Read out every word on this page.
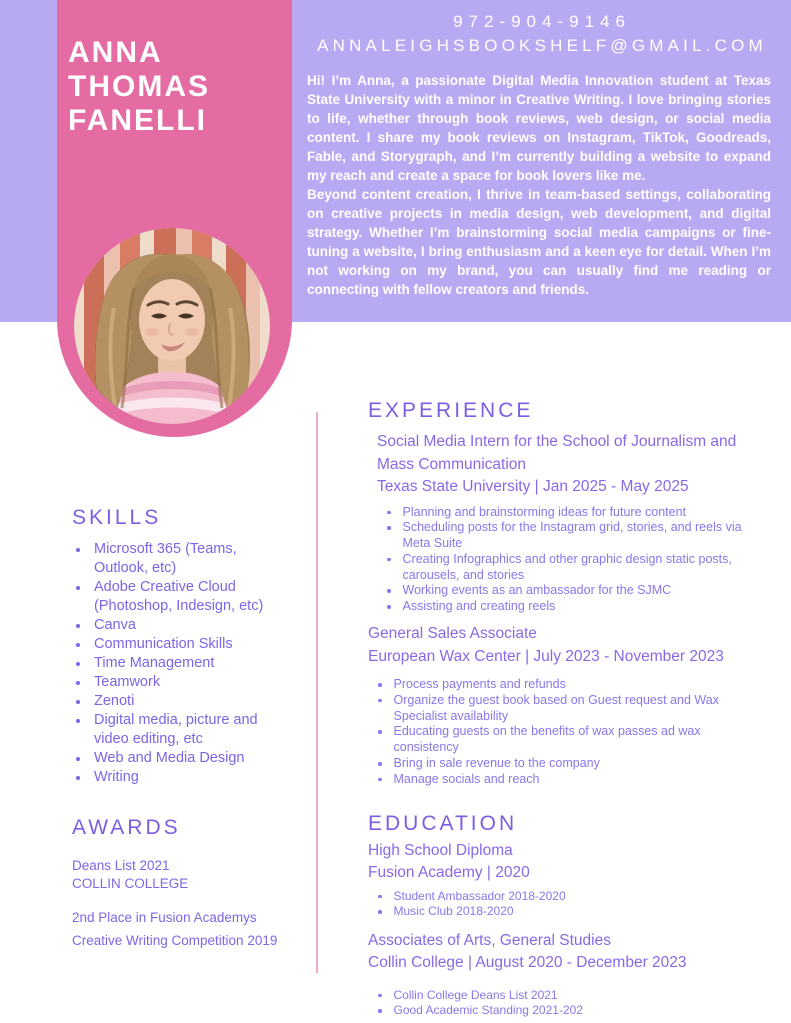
ANNA
THOMAS
FANELLI
972-904-9146
ANNALEIGHSBOOKSHELF@GMAIL.COM

Hi! I’m Anna, a passionate Digital Media Innovation student at Texas State University with a minor in Creative Writing. I love bringing stories to life, whether through book reviews, web design, or social media content. I share my book reviews on Instagram, TikTok, Goodreads, Fable, and Storygraph, and I’m currently building a website to expand my reach and create a space for book lovers like me.

Beyond content creation, I thrive in team-based settings, collaborating on creative projects in media design, web development, and digital strategy. Whether I’m brainstorming social media campaigns or fine-tuning a website, I bring enthusiasm and a keen eye for detail. When I’m not working on my brand, you can usually find me reading or connecting with fellow creators and friends.

SKILLS
Microsoft 365 (Teams, Outlook, etc)
Adobe Creative Cloud (Photoshop, Indesign, etc)
Canva
Communication Skills
Time Management
Teamwork
Zenoti
Digital media, picture and video editing, etc
Web and Media Design
Writing
AWARDS
Deans List 2021
COLLIN COLLEGE
2nd Place in Fusion Academys
Creative Writing Competition 2019
EXPERIENCE
Social Media Intern for the School of Journalism and Mass Communication
Texas State University | Jan 2025 - May 2025
Planning and brainstorming ideas for future content
Scheduling posts for the Instagram grid, stories, and reels via Meta Suite
Creating Infographics and other graphic design static posts, carousels, and stories
Working events as an ambassador for the SJMC
Assisting and creating reels
General Sales Associate
European Wax Center | July 2023 - November 2023
Process payments and refunds
Organize the guest book based on Guest request and Wax Specialist availability
Educating guests on the benefits of wax passes ad wax consistency
Bring in sale revenue to the company
Manage socials and reach
EDUCATION
High School Diploma
Fusion Academy | 2020
Student Ambassador 2018-2020
Music Club 2018-2020
Associates of Arts, General Studies
Collin College | August 2020 - December 2023
Collin College Deans List 2021
Good Academic Standing 2021-202
